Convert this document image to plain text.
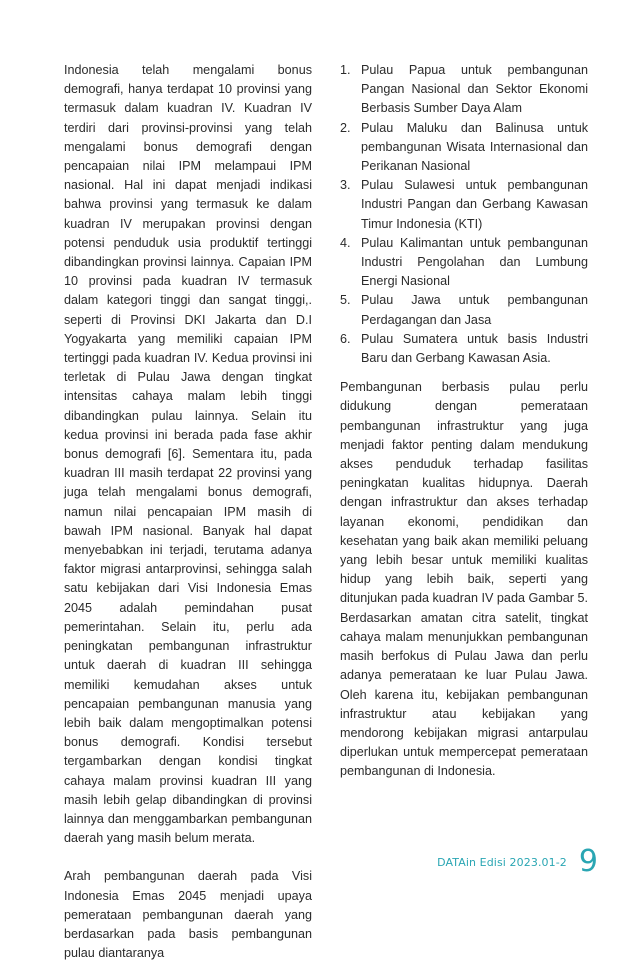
Indonesia telah mengalami bonus demografi, hanya terdapat 10 provinsi yang termasuk dalam kuadran IV. Kuadran IV terdiri dari provinsi-provinsi yang telah mengalami bonus demografi dengan pencapaian nilai IPM melampaui IPM nasional. Hal ini dapat menjadi indikasi bahwa provinsi yang termasuk ke dalam kuadran IV merupakan provinsi dengan potensi penduduk usia produktif tertinggi dibandingkan provinsi lainnya. Capaian IPM 10 provinsi pada kuadran IV termasuk dalam kategori tinggi dan sangat tinggi,. seperti di Provinsi DKI Jakarta dan D.I Yogyakarta yang memiliki capaian IPM tertinggi pada kuadran IV. Kedua provinsi ini terletak di Pulau Jawa dengan tingkat intensitas cahaya malam lebih tinggi dibandingkan pulau lainnya. Selain itu kedua provinsi ini berada pada fase akhir bonus demografi [6]. Sementara itu, pada kuadran III masih terdapat 22 provinsi yang juga telah mengalami bonus demografi, namun nilai pencapaian IPM masih di bawah IPM nasional. Banyak hal dapat menyebabkan ini terjadi, terutama adanya faktor migrasi antarprovinsi, sehingga salah satu kebijakan dari Visi Indonesia Emas 2045 adalah pemindahan pusat pemerintahan. Selain itu, perlu ada peningkatan pembangunan infrastruktur untuk daerah di kuadran III sehingga memiliki kemudahan akses untuk pencapaian pembangunan manusia yang lebih baik dalam mengoptimalkan potensi bonus demografi. Kondisi tersebut tergambarkan dengan kondisi tingkat cahaya malam provinsi kuadran III yang masih lebih gelap dibandingkan di provinsi lainnya dan menggambarkan pembangunan daerah yang masih belum merata.

Arah pembangunan daerah pada Visi Indonesia Emas 2045 menjadi upaya pemerataan pembangunan daerah yang berdasarkan pada basis pembangunan pulau diantaranya

1. Pulau Papua untuk pembangunan Pangan Nasional dan Sektor Ekonomi Berbasis Sumber Daya Alam
2. Pulau Maluku dan Balinusa untuk pembangunan Wisata Internasional dan Perikanan Nasional
3. Pulau Sulawesi untuk pembangunan Industri Pangan dan Gerbang Kawasan Timur Indonesia (KTI)
4. Pulau Kalimantan untuk pembangunan Industri Pengolahan dan Lumbung Energi Nasional
5. Pulau Jawa untuk pembangunan Perdagangan dan Jasa
6. Pulau Sumatera untuk basis Industri Baru dan Gerbang Kawasan Asia.

Pembangunan berbasis pulau perlu didukung dengan pemerataan pembangunan infrastruktur yang juga menjadi faktor penting dalam mendukung akses penduduk terhadap fasilitas peningkatan kualitas hidupnya. Daerah dengan infrastruktur dan akses terhadap layanan ekonomi, pendidikan dan kesehatan yang baik akan memiliki peluang yang lebih besar untuk memiliki kualitas hidup yang lebih baik, seperti yang ditunjukan pada kuadran IV pada Gambar 5. Berdasarkan amatan citra satelit, tingkat cahaya malam menunjukkan pembangunan masih berfokus di Pulau Jawa dan perlu adanya pemerataan ke luar Pulau Jawa. Oleh karena itu, kebijakan pembangunan infrastruktur atau kebijakan yang mendorong kebijakan migrasi antarpulau diperlukan untuk mempercepat pemerataan pembangunan di Indonesia.

DATAin Edisi 2023.01-2 9
